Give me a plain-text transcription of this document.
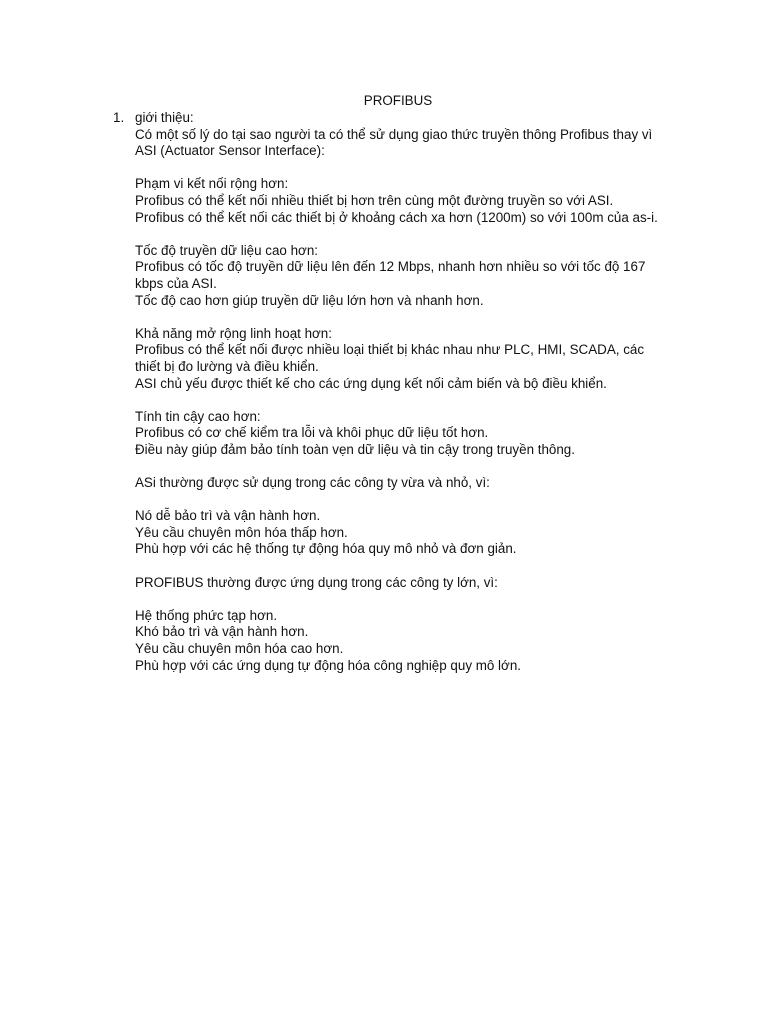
PROFIBUS
1. giới thiệu:

Có một số lý do tại sao người ta có thể sử dụng giao thức truyền thông Profibus thay vì

ASI (Actuator Sensor Interface):

Phạm vi kết nối rộng hơn:

Profibus có thể kết nối nhiều thiết bị hơn trên cùng một đường truyền so với ASI.

Profibus có thể kết nối các thiết bị ở khoảng cách xa hơn (1200m) so với 100m của as-i.

Tốc độ truyền dữ liệu cao hơn:

Profibus có tốc độ truyền dữ liệu lên đến 12 Mbps, nhanh hơn nhiều so với tốc độ 167

kbps của ASI.

Tốc độ cao hơn giúp truyền dữ liệu lớn hơn và nhanh hơn.

Khả năng mở rộng linh hoạt hơn:

Profibus có thể kết nối được nhiều loại thiết bị khác nhau như PLC, HMI, SCADA, các

thiết bị đo lường và điều khiển.

ASI chủ yếu được thiết kế cho các ứng dụng kết nối cảm biến và bộ điều khiển.

Tính tin cậy cao hơn:

Profibus có cơ chế kiểm tra lỗi và khôi phục dữ liệu tốt hơn.

Điều này giúp đảm bảo tính toàn vẹn dữ liệu và tin cậy trong truyền thông.

ASi thường được sử dụng trong các công ty vừa và nhỏ, vì:

Nó dễ bảo trì và vận hành hơn.

Yêu cầu chuyên môn hóa thấp hơn.

Phù hợp với các hệ thống tự động hóa quy mô nhỏ và đơn giản.

PROFIBUS thường được ứng dụng trong các công ty lớn, vì:

Hệ thống phức tạp hơn.

Khó bảo trì và vận hành hơn.

Yêu cầu chuyên môn hóa cao hơn.

Phù hợp với các ứng dụng tự động hóa công nghiệp quy mô lớn.
